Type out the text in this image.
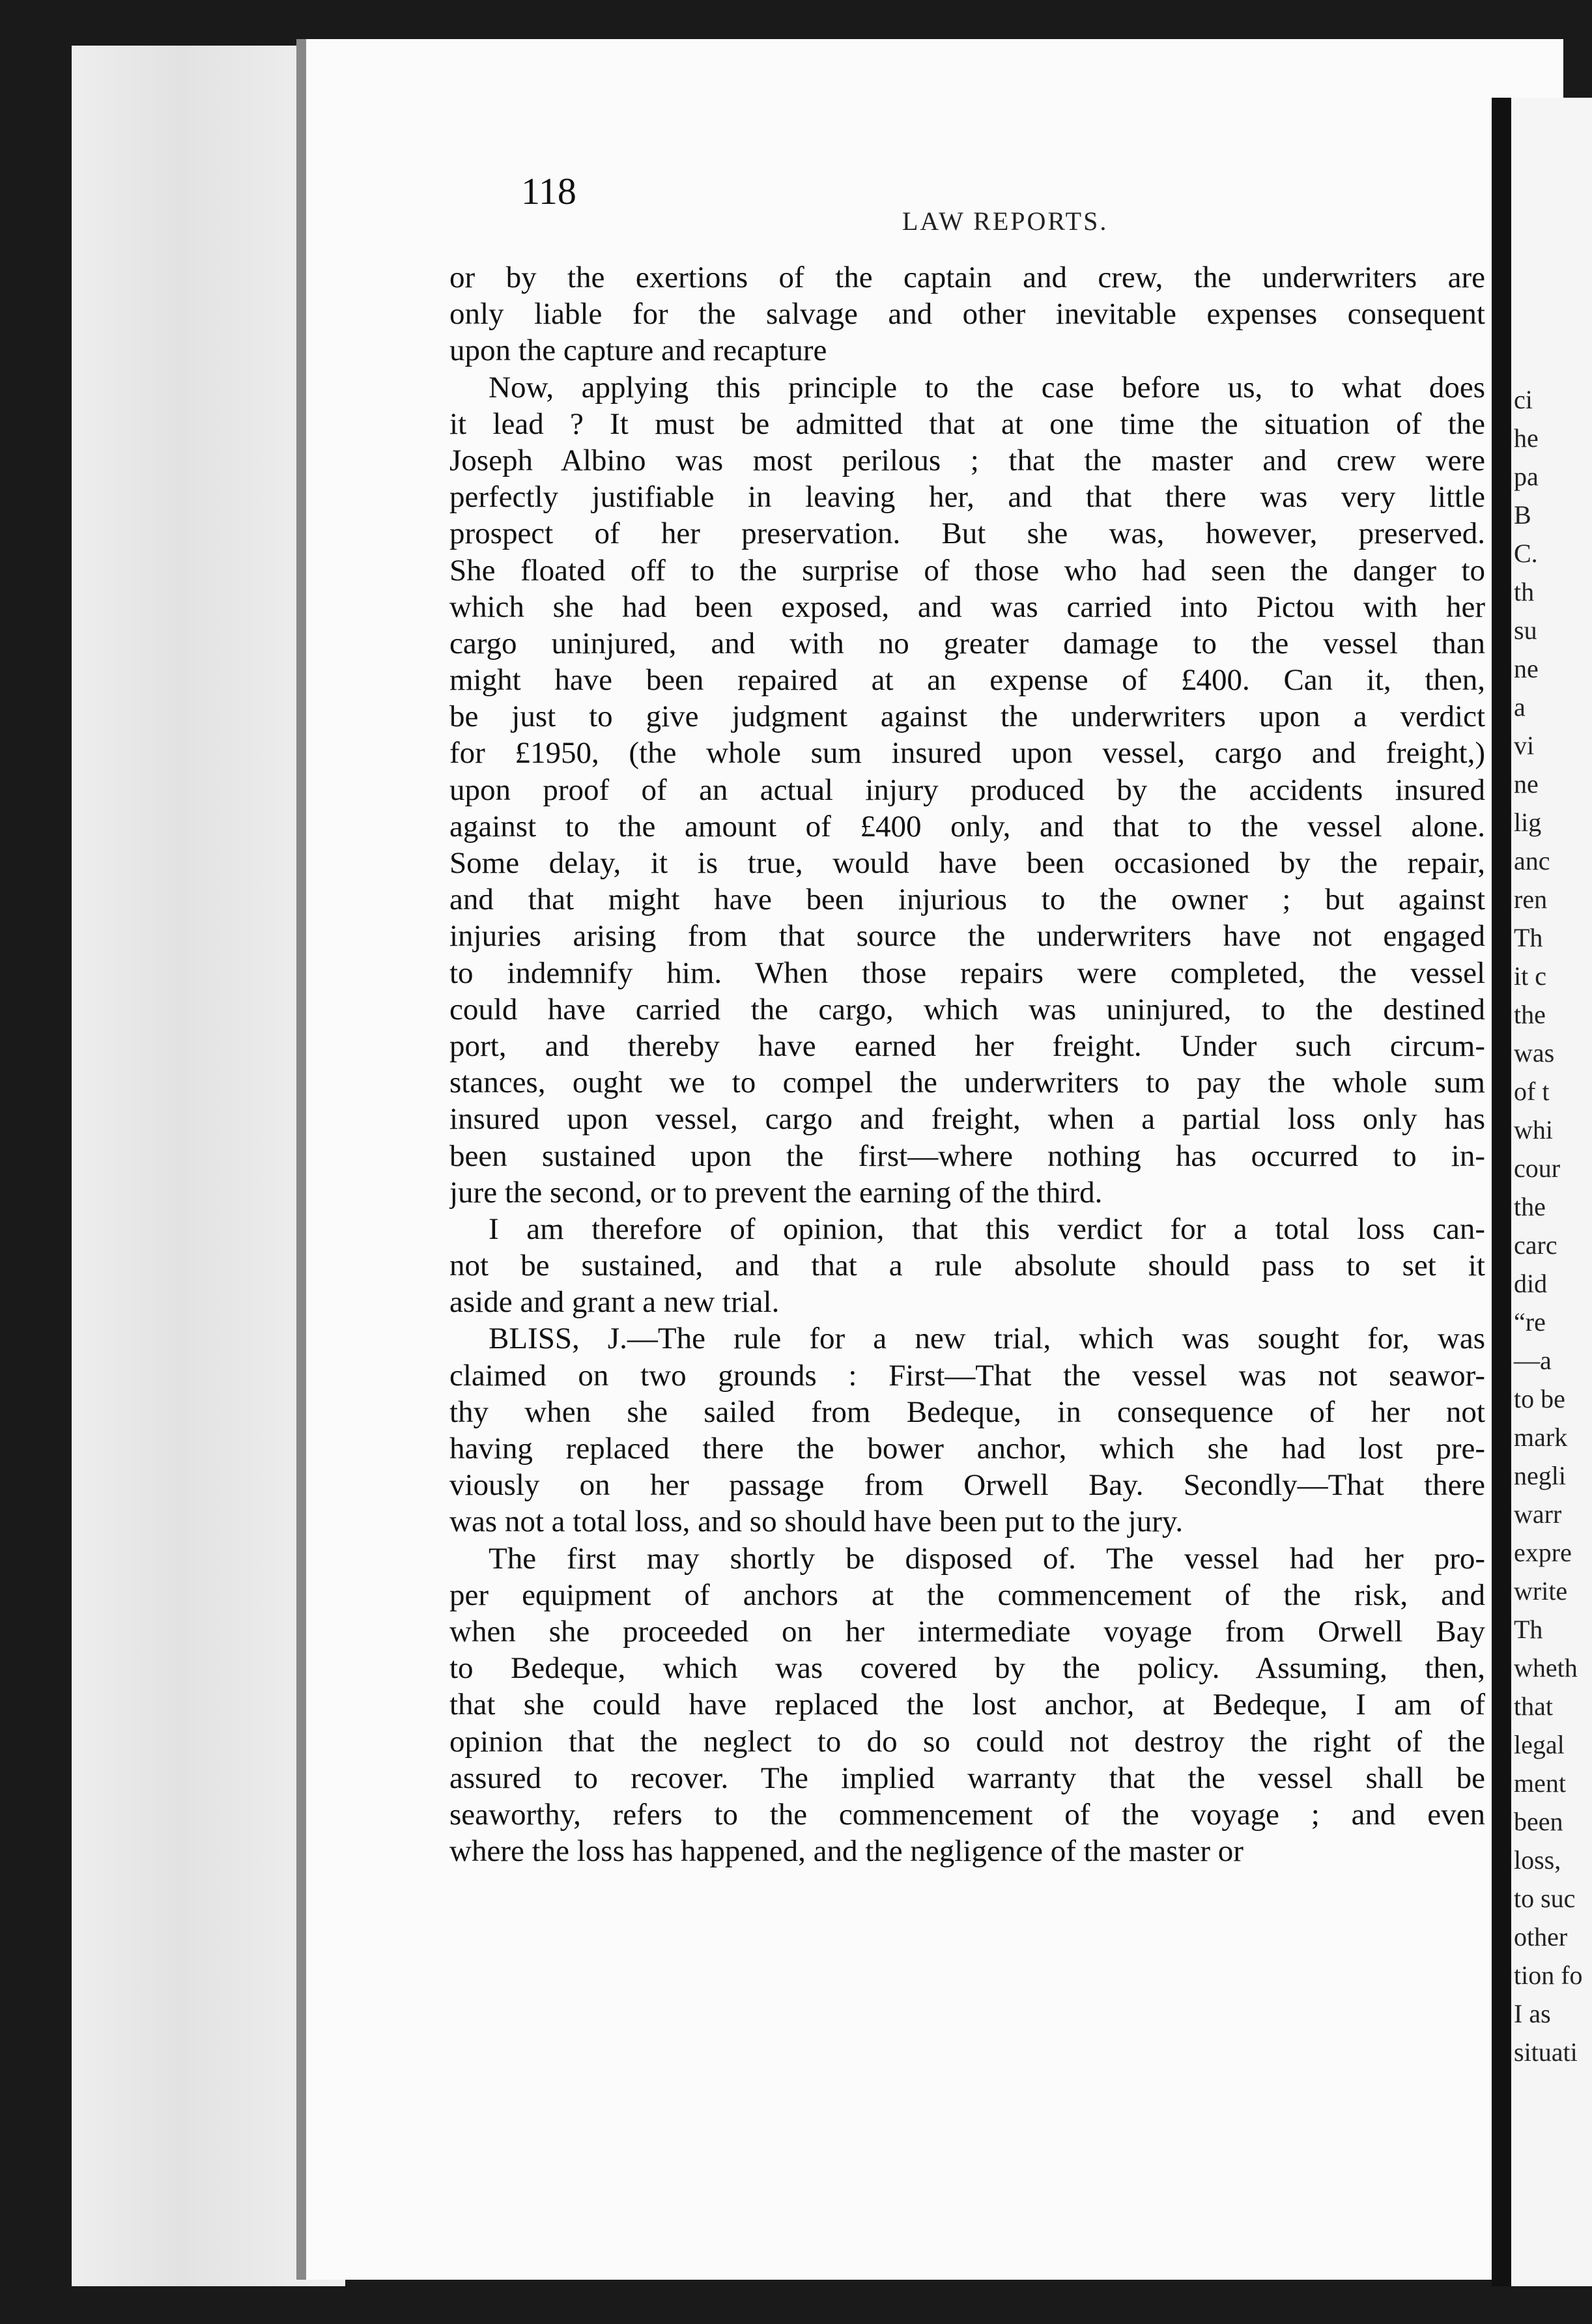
118
LAW REPORTS.
or by the exertions of the captain and crew, the underwriters are
only liable for the salvage and other inevitable expenses consequent
upon the capture and recapture
Now, applying this principle to the case before us, to what does
it lead ? It must be admitted that at one time the situation of the
Joseph Albino was most perilous ; that the master and crew were
perfectly justifiable in leaving her, and that there was very little
prospect of her preservation. But she was, however, preserved.
She floated off to the surprise of those who had seen the danger to
which she had been exposed, and was carried into Pictou with her
cargo uninjured, and with no greater damage to the vessel than
might have been repaired at an expense of £400. Can it, then,
be just to give judgment against the underwriters upon a verdict
for £1950, (the whole sum insured upon vessel, cargo and freight,)
upon proof of an actual injury produced by the accidents insured
against to the amount of £400 only, and that to the vessel alone.
Some delay, it is true, would have been occasioned by the repair,
and that might have been injurious to the owner ; but against
injuries arising from that source the underwriters have not engaged
to indemnify him. When those repairs were completed, the vessel
could have carried the cargo, which was uninjured, to the destined
port, and thereby have earned her freight. Under such circum-
stances, ought we to compel the underwriters to pay the whole sum
insured upon vessel, cargo and freight, when a partial loss only has
been sustained upon the first—where nothing has occurred to in-
jure the second, or to prevent the earning of the third.
I am therefore of opinion, that this verdict for a total loss can-
not be sustained, and that a rule absolute should pass to set it
aside and grant a new trial.
BLISS, J.—The rule for a new trial, which was sought for, was
claimed on two grounds : First—That the vessel was not seawor-
thy when she sailed from Bedeque, in consequence of her not
having replaced there the bower anchor, which she had lost pre-
viously on her passage from Orwell Bay. Secondly—That there
was not a total loss, and so should have been put to the jury.
The first may shortly be disposed of. The vessel had her pro-
per equipment of anchors at the commencement of the risk, and
when she proceeded on her intermediate voyage from Orwell Bay
to Bedeque, which was covered by the policy. Assuming, then,
that she could have replaced the lost anchor, at Bedeque, I am of
opinion that the neglect to do so could not destroy the right of the
assured to recover. The implied warranty that the vessel shall be
seaworthy, refers to the commencement of the voyage ; and even
where the loss has happened, and the negligence of the master or
ci
he
pa
B
C.
th
su
ne
a
vi
ne
lig
anc
ren
Th
it c
the
was
of t
whi
cour
the
carc
did
“re
—a
to be
mark
negli
warr
expre
write
Th
wheth
that
legal
ment
been
loss,
to suc
other
tion fo
I as
situati
